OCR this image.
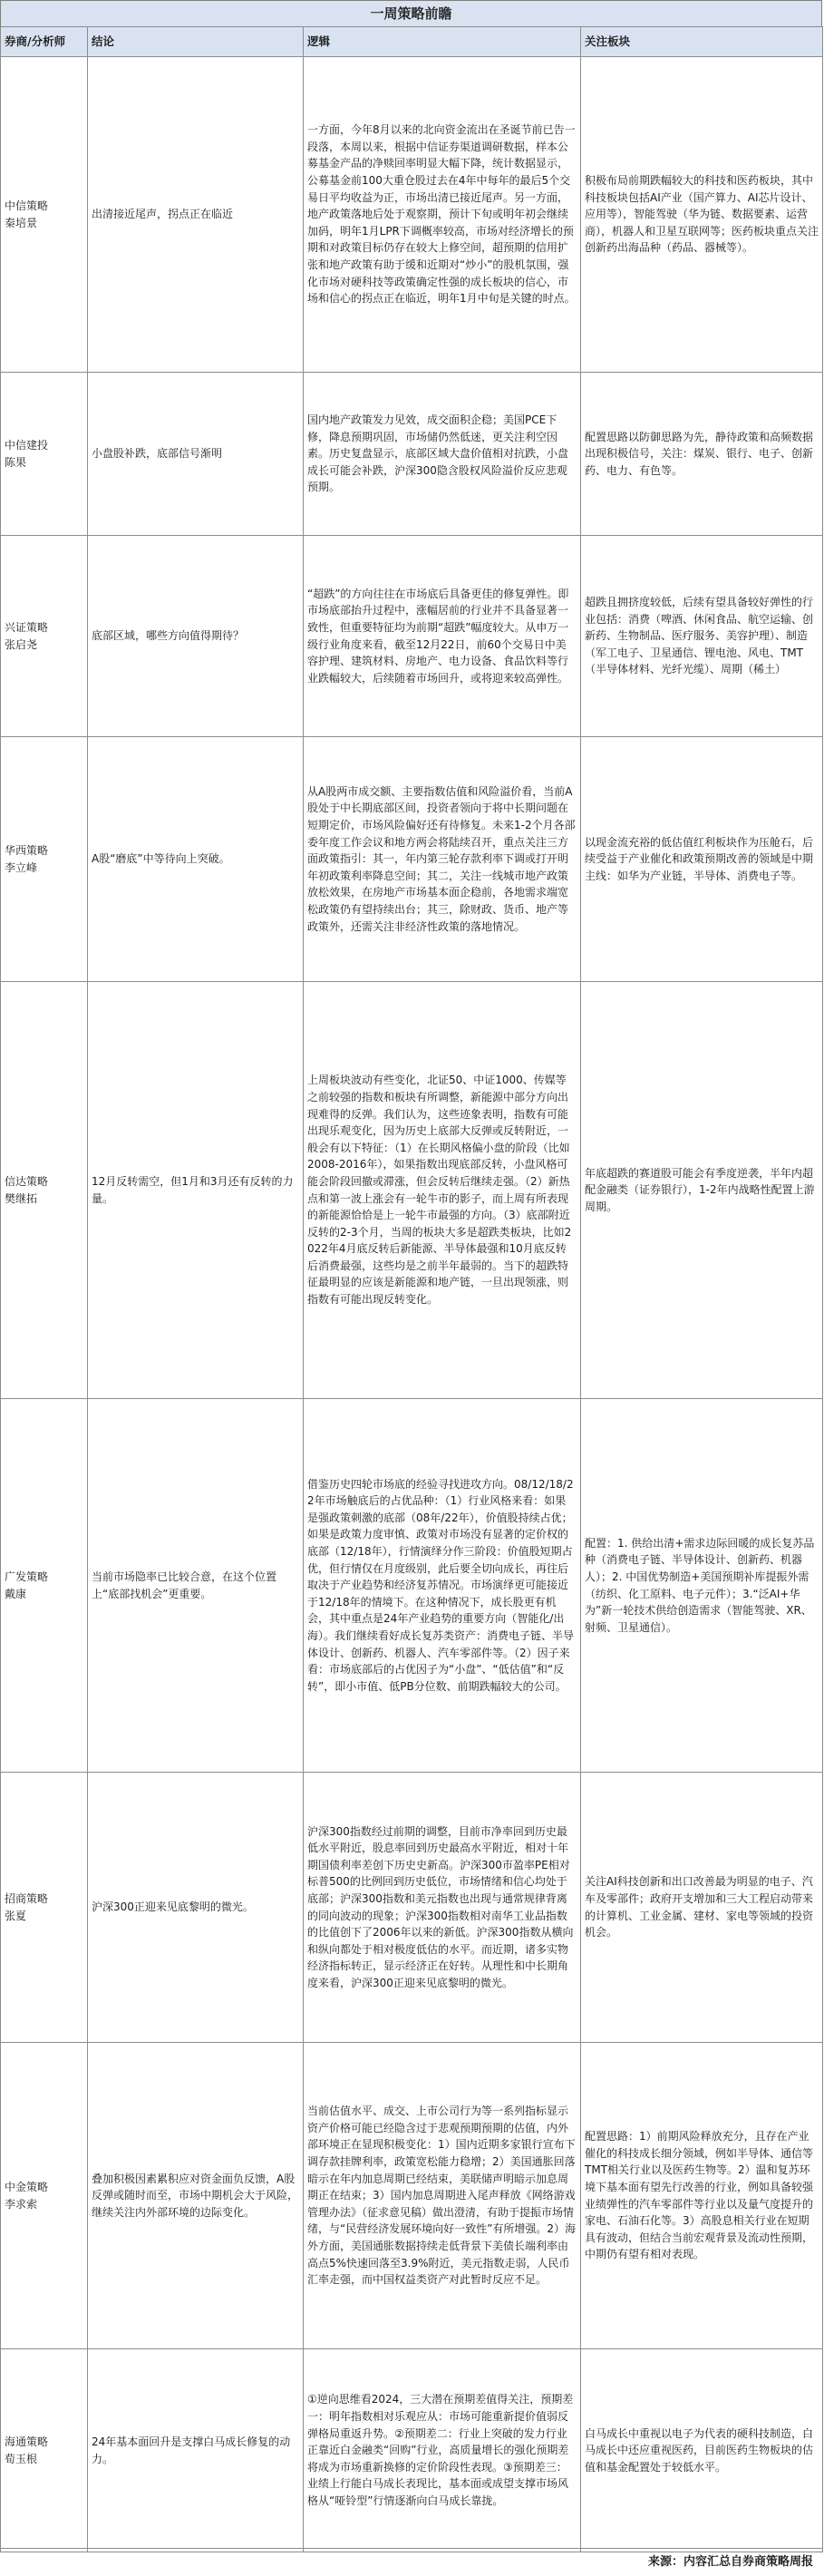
一周策略前瞻
券商/分析师	结论	逻辑	关注板块
中信策略
秦培景	出清接近尾声，拐点正在临近	一方面，今年8月以来的北向资金流出在圣诞节前已告一段落，本周以来，根据中信证券渠道调研数据，样本公募基金产品的净赎回率明显大幅下降，统计数据显示，公募基金前100大重仓股过去在4年中每年的最后5个交易日平均收益为正，市场出清已接近尾声。另一方面，地产政策落地后处于观察期，预计下旬或明年初会继续加码，明年1月LPR下调概率较高，市场对经济增长的预期和对政策目标仍存在较大上修空间，超预期的信用扩张和地产政策有助于缓和近期对“炒小”的股机氛围，强化市场对硬科技等政策确定性强的成长板块的信心，市场和信心的拐点正在临近，明年1月中旬是关键的时点。	积极布局前期跌幅较大的科技和医药板块，其中科技板块包括AI产业（国产算力、AI芯片设计、应用等），智能驾驶（华为链、数据要素、运营商），机器人和卫星互联网等；医药板块重点关注创新药出海品种（药品、器械等）。
中信建投
陈果	小盘股补跌，底部信号渐明	国内地产政策发力见效，成交面积企稳；美国PCE下修，降息预期巩固，市场储仍然低迷，更关注利空因素。历史复盘显示，底部区域大盘价值相对抗跌，小盘成长可能会补跌，沪深300隐含股权风险溢价反应悲观预期。	配置思路以防御思路为先，静待政策和高频数据出现积极信号，关注：煤炭、银行、电子、创新药、电力、有色等。
兴证策略
张启尧	底部区域，哪些方向值得期待？	“超跌”的方向往往在市场底后具备更佳的修复弹性。即市场底部抬升过程中，涨幅居前的行业并不具备显著一致性，但重要特征均为前期“超跌”幅度较大。从申万一级行业角度来看，截至12月22日，前60个交易日中美容护理、建筑材料、房地产、电力设备、食品饮料等行业跌幅较大，后续随着市场回升，或将迎来较高弹性。	超跌且拥挤度较低，后续有望具备较好弹性的行业包括：消费（啤酒、休闲食品、航空运输、创新药、生物制品、医疗服务、美容护理）、制造（军工电子、卫星通信、锂电池、风电、TMT（半导体材料、光纤光缆）、周期（稀土）
华西策略
李立峰	A股“磨底”中等待向上突破。	从A股两市成交额、主要指数估值和风险溢价看，当前A股处于中长期底部区间，投资者领向于将中长期问题在短期定价，市场风险偏好还有待修复。未来1-2个月各部委年度工作会议和地方两会将陆续召开，重点关注三方面政策指引：其一，年内第三轮存款利率下调或打开明年初政策利率降息空间；其二，关注一线城市地产政策放松效果，在房地产市场基本面企稳前，各地需求端宽松政策仍有望持续出台；其三，除财政、货币、地产等政策外，还需关注非经济性政策的落地情况。	以现金流充裕的低估值红利板块作为压舱石，后续受益于产业催化和政策预期改善的领域是中期主线：如华为产业链，半导体、消费电子等。
信达策略
樊继拓	12月反转需空，但1月和3月还有反转的力量。	上周板块波动有些变化，北证50、中证1000、传媒等之前较强的指数和板块有所调整，新能源中部分方向出现难得的反弹。我们认为，这些迹象表明，指数有可能出现乐观变化，因为历史上底部大反弹或反转附近，一般会有以下特征：（1）在长期风格偏小盘的阶段（比如2008-2016年），如果指数出现底部反转，小盘风格可能会阶段回撤或滞涨，但会反转后继续走强。（2）新热点和第一波上涨会有一轮牛市的影子，而上周有所表现的新能源恰恰是上一轮牛市最强的方向。（3）底部附近反转的2-3个月，当周的板块大多是超跌类板块，比如2022年4月底反转后新能源、半导体最强和10月底反转后消费最强，这些均是之前半年最弱的。当下的超跌特征最明显的应该是新能源和地产链，一旦出现领涨，则指数有可能出现反转变化。	年底超跌的赛道股可能会有季度逆袭，半年内超配金融类（证券银行），1-2年内战略性配置上游周期。
广发策略
戴康	当前市场隐率已比较合意，在这个位置上“底部找机会”更重要。	借鉴历史四轮市场底的经验寻找进攻方向。08/12/18/22年市场触底后的占优品种：（1）行业风格来看：如果是强政策刺激的底部（08年/22年），价值股持续占优；如果是政策力度审慎、政策对市场没有显著的定价权的底部（12/18年），行情演绎分作三阶段：价值股短期占优，但行情仅在月度级别，此后要全切向成长，再往后取决于产业趋势和经济复苏情况。市场演绎更可能接近于12/18年的情境下。在这种情况下，成长股更有机会，其中重点是24年产业趋势的重要方向（智能化/出海）。我们继续看好成长复苏类资产：消费电子链、半导体设计、创新药、机器人、汽车零部件等。（2）因子来看：市场底部后的占优因子为“小盘”、“低估值”和“反转”，即小市值、低PB分位数、前期跌幅较大的公司。	配置：1. 供给出清+需求边际回暖的成长复苏品种（消费电子链、半导体设计、创新药、机器人）；2. 中国优势制造+美国预期补库提振外需（纺织、化工原料、电子元件）；3.“泛AI+华为”新一轮技术供给创造需求（智能驾驶、XR、射频、卫星通信）。
招商策略
张夏	沪深300正迎来见底黎明的微光。	沪深300指数经过前期的调整，目前市净率回到历史最低水平附近，股息率回到历史最高水平附近，相对十年期国债利率差创下历史史新高。沪深300市盈率PE相对标普500的比例回到历史低位，市场情绪和信心均处于底部；沪深300指数和美元指数也出现与通常规律背离的同向波动的现象；沪深300指数相对南华工业品指数的比值创下了2006年以来的新低。沪深300指数从横向和纵向都处于相对极度低估的水平。而近期，诸多实物经济指标转正，显示经济正在好转。从理性和中长期角度来看，沪深300正迎来见底黎明的微光。	关注AI科技创新和出口改善最为明显的电子、汽车及零部件；政府开支增加和三大工程启动带来的计算机、工业金属、建材、家电等领域的投资机会。
中金策略
李求索	叠加积极因素累积应对资金面负反馈，A股反弹或随时而至，市场中期机会大于风险，继续关注内外部环境的边际变化。	当前估值水平、成交、上市公司行为等一系列指标显示资产价格可能已经隐含过于悲观预期预期的估值，内外部环境正在显现积极变化：1）国内近期多家银行宣布下调存款挂牌利率，政策宽松能力稳增；2）美国通胀回落暗示在年内加息周期已经结束，美联储声明暗示加息周期正在结束；3）国内加息周期进入尾声释放《网络游戏管理办法》（征求意见稿）做出澄清，有助于提振市场情绪，与“民营经济发展环境向好一致性”有所增强。2）海外方面，美国通胀数据持续走低背景下美债长端利率由高点5%快速回落至3.9%附近，美元指数走弱，人民币汇率走强，而中国权益类资产对此暂时反应不足。	配置思路：1）前期风险释放充分，且存在产业催化的科技成长细分领域，例如半导体、通信等TMT相关行业以及医药生物等。2）温和复苏环境下基本面有望先行改善的行业，例如具备较强业绩弹性的汽车零部件等行业以及量气度提升的家电、石油石化等。3）高股息相关行业在短期具有波动，但结合当前宏观背景及流动性预期，中期仍有望有相对表现。
海通策略
荀玉根	24年基本面回升是支撑白马成长修复的动力。	①逆向思维看2024，三大潜在预期差值得关注，预期差一：明年指数相对乐观应从：市场可能重新提价值弱反弹格局重返升势。②预期差二：行业上突破的发力行业正靠近白金融类“回购”行业，高质量增长的强化预期差将成为市场重新换修的定价阶段性表现。③预期差三：业绩上行能白马成长表现比，基本面或成望支撑市场风格从“哑铃型”行情逐渐向白马成长靠拢。	白马成长中重视以电子为代表的硬科技制造，白马成长中还应重视医药，目前医药生物板块的估值和基金配置处于较低水平。
来源：内容汇总自券商策略周报
